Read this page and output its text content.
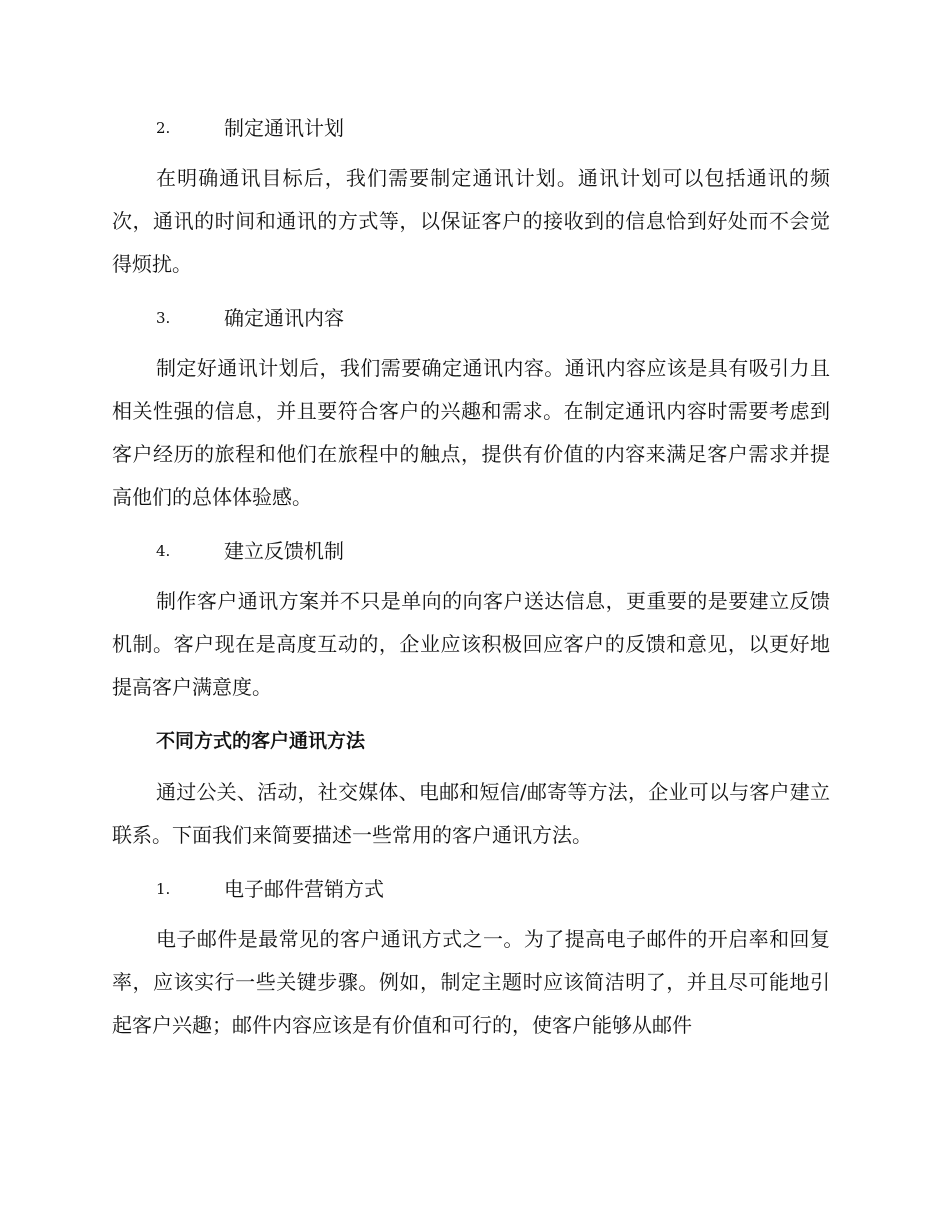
2.	制定通讯计划

在明确通讯目标后，我们需要制定通讯计划。通讯计划可以包括通讯的频次，通讯的时间和通讯的方式等，以保证客户的接收到的信息恰到好处而不会觉得烦扰。

3.	确定通讯内容

制定好通讯计划后，我们需要确定通讯内容。通讯内容应该是具有吸引力且相关性强的信息，并且要符合客户的兴趣和需求。在制定通讯内容时需要考虑到客户经历的旅程和他们在旅程中的触点，提供有价值的内容来满足客户需求并提高他们的总体体验感。

4.	建立反馈机制

制作客户通讯方案并不只是单向的向客户送达信息，更重要的是要建立反馈机制。客户现在是高度互动的，企业应该积极回应客户的反馈和意见，以更好地提高客户满意度。

不同方式的客户通讯方法

通过公关、活动，社交媒体、电邮和短信/邮寄等方法，企业可以与客户建立联系。下面我们来简要描述一些常用的客户通讯方法。

1.	电子邮件营销方式

电子邮件是最常见的客户通讯方式之一。为了提高电子邮件的开启率和回复率，应该实行一些关键步骤。例如，制定主题时应该简洁明了，并且尽可能地引起客户兴趣；邮件内容应该是有价值和可行的，使客户能够从邮件
